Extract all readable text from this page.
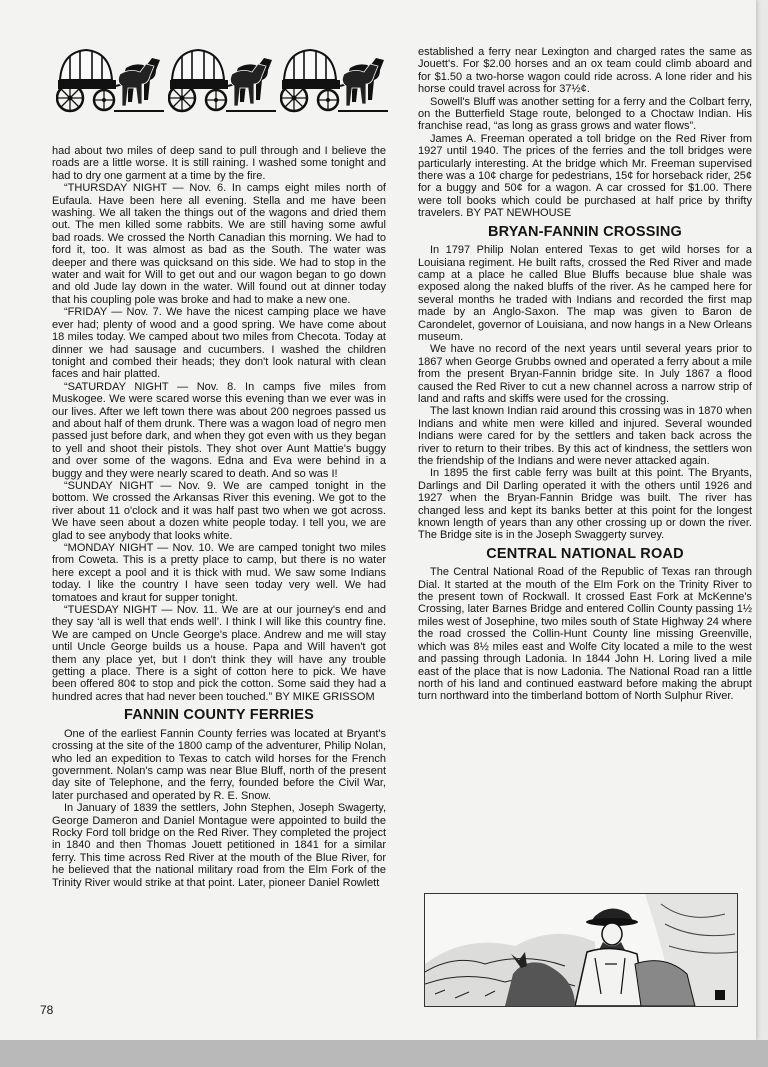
had about two miles of deep sand to pull through and I believe the roads are a little worse. It is still raining. I washed some tonight and had to dry one garment at a time by the fire.

“THURSDAY NIGHT — Nov. 6. In camps eight miles north of Eufaula. Have been here all evening. Stella and me have been washing. We all taken the things out of the wagons and dried them out. The men killed some rabbits. We are still having some awful bad roads. We crossed the North Canadian this morning. We had to ford it, too. It was almost as bad as the South. The water was deeper and there was quicksand on this side. We had to stop in the water and wait for Will to get out and our wagon began to go down and old Jude lay down in the water. Will found out at dinner today that his coupling pole was broke and had to make a new one.

“FRIDAY — Nov. 7. We have the nicest camping place we have ever had; plenty of wood and a good spring. We have come about 18 miles today. We camped about two miles from Checota. Today at dinner we had sausage and cucumbers. I washed the children tonight and combed their heads; they don't look natural with clean faces and hair platted.

“SATURDAY NIGHT — Nov. 8. In camps five miles from Muskogee. We were scared worse this evening than we ever was in our lives. After we left town there was about 200 negroes passed us and about half of them drunk. There was a wagon load of negro men passed just before dark, and when they got even with us they began to yell and shoot their pistols. They shot over Aunt Mattie's buggy and over some of the wagons. Edna and Eva were behind in a buggy and they were nearly scared to death. And so was I!

“SUNDAY NIGHT — Nov. 9. We are camped tonight in the bottom. We crossed the Arkansas River this evening. We got to the river about 11 o'clock and it was half past two when we got across. We have seen about a dozen white people today. I tell you, we are glad to see anybody that looks white.

“MONDAY NIGHT — Nov. 10. We are camped tonight two miles from Coweta. This is a pretty place to camp, but there is no water here except a pool and it is thick with mud. We saw some Indians today. I like the country I have seen today very well. We had tomatoes and kraut for supper tonight.

“TUESDAY NIGHT — Nov. 11. We are at our journey's end and they say ‘all is well that ends well’. I think I will like this country fine. We are camped on Uncle George's place. Andrew and me will stay until Uncle George builds us a house. Papa and Will haven't got them any place yet, but I don't think they will have any trouble getting a place. There is a sight of cotton here to pick. We have been offered 80¢ to stop and pick the cotton. Some said they had a hundred acres that had never been touched.” BY MIKE GRISSOM

FANNIN COUNTY FERRIES

One of the earliest Fannin County ferries was located at Bryant's crossing at the site of the 1800 camp of the adventurer, Philip Nolan, who led an expedition to Texas to catch wild horses for the French government. Nolan's camp was near Blue Bluff, north of the present day site of Telephone, and the ferry, founded before the Civil War, later purchased and operated by R. E. Snow.

In January of 1839 the settlers, John Stephen, Joseph Swagerty, George Dameron and Daniel Montague were appointed to build the Rocky Ford toll bridge on the Red River. They completed the project in 1840 and then Thomas Jouett petitioned in 1841 for a similar ferry. This time across Red River at the mouth of the Blue River, for he believed that the national military road from the Elm Fork of the Trinity River would strike at that point. Later, pioneer Daniel Rowlett

established a ferry near Lexington and charged rates the same as Jouett's. For $2.00 horses and an ox team could climb aboard and for $1.50 a two-horse wagon could ride across. A lone rider and his horse could travel across for 37½¢.

Sowell's Bluff was another setting for a ferry and the Colbart ferry, on the Butterfield Stage route, belonged to a Choctaw Indian. His franchise read, “as long as grass grows and water flows”.

James A. Freeman operated a toll bridge on the Red River from 1927 until 1940. The prices of the ferries and the toll bridges were particularly interesting. At the bridge which Mr. Freeman supervised there was a 10¢ charge for pedestrians, 15¢ for horseback rider, 25¢ for a buggy and 50¢ for a wagon. A car crossed for $1.00. There were toll books which could be purchased at half price by thrifty travelers. BY PAT NEWHOUSE

BRYAN-FANNIN CROSSING

In 1797 Philip Nolan entered Texas to get wild horses for a Louisiana regiment. He built rafts, crossed the Red River and made camp at a place he called Blue Bluffs because blue shale was exposed along the naked bluffs of the river. As he camped here for several months he traded with Indians and recorded the first map made by an Anglo-Saxon. The map was given to Baron de Carondelet, governor of Louisiana, and now hangs in a New Orleans museum.

We have no record of the next years until several years prior to 1867 when George Grubbs owned and operated a ferry about a mile from the present Bryan-Fannin bridge site. In July 1867 a flood caused the Red River to cut a new channel across a narrow strip of land and rafts and skiffs were used for the crossing.

The last known Indian raid around this crossing was in 1870 when Indians and white men were killed and injured. Several wounded Indians were cared for by the settlers and taken back across the river to return to their tribes. By this act of kindness, the settlers won the friendship of the Indians and were never attacked again.

In 1895 the first cable ferry was built at this point. The Bryants, Darlings and Dil Darling operated it with the others until 1926 and 1927 when the Bryan-Fannin Bridge was built. The river has changed less and kept its banks better at this point for the longest known length of years than any other crossing up or down the river. The Bridge site is in the Joseph Swaggerty survey.

CENTRAL NATIONAL ROAD

The Central National Road of the Republic of Texas ran through Dial. It started at the mouth of the Elm Fork on the Trinity River to the present town of Rockwall. It crossed East Fork at McKenne's Crossing, later Barnes Bridge and entered Collin County passing 1½ miles west of Josephine, two miles south of State Highway 24 where the road crossed the Collin-Hunt County line missing Greenville, which was 8½ miles east and Wolfe City located a mile to the west and passing through Ladonia. In 1844 John H. Loring lived a mile east of the place that is now Ladonia. The National Road ran a little north of his land and continued eastward before making the abrupt turn northward into the timberland bottom of North Sulphur River.

78
